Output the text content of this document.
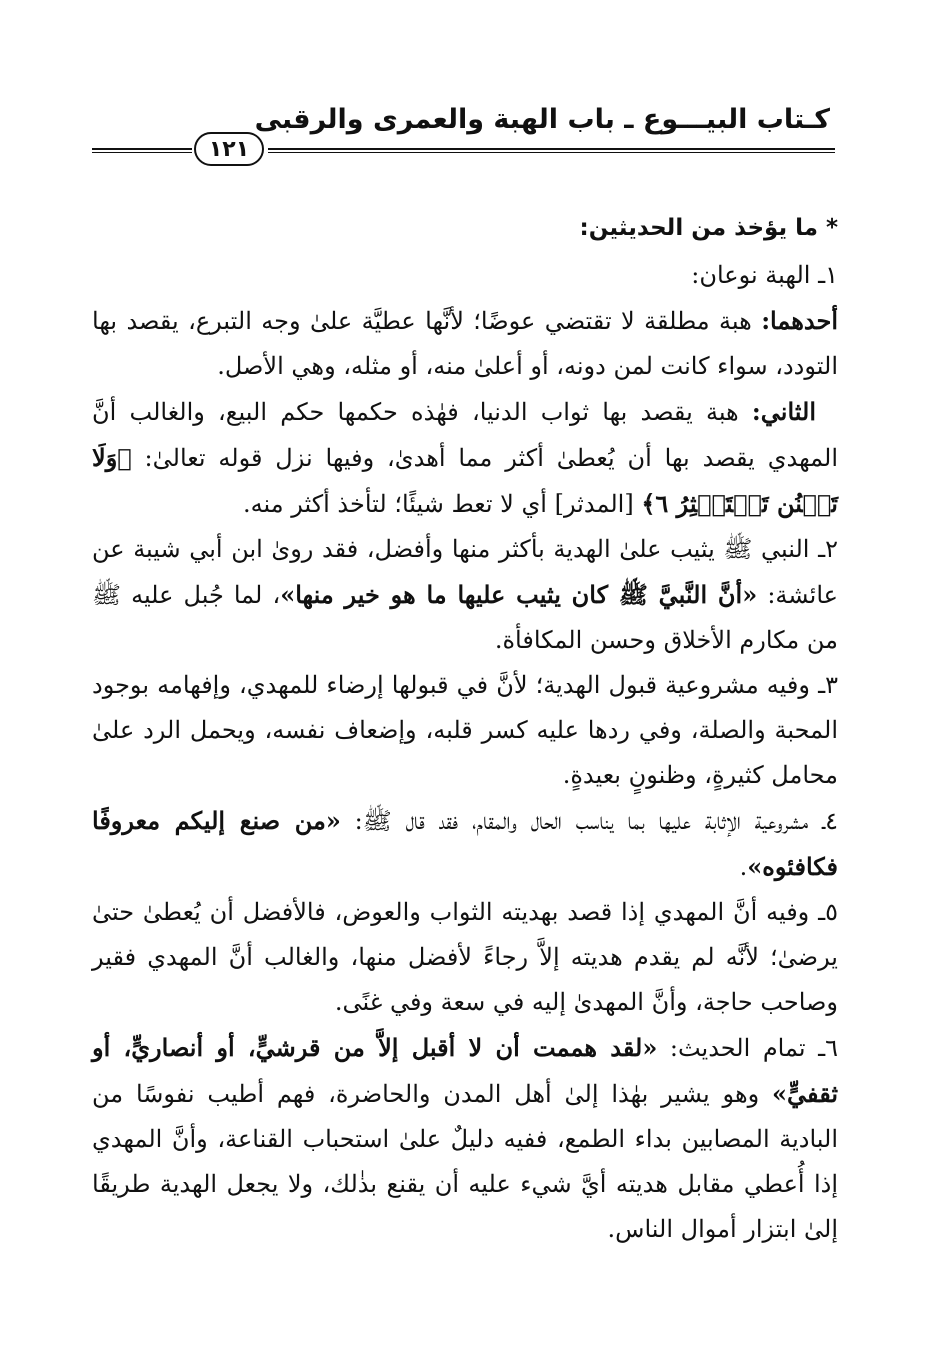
كـتاب البيـــوع ـ باب الهبة والعمرى والرقبى
١٢١

* ما يؤخذ من الحديثين:

١ـ الهبة نوعان:

أحدهما: هبة مطلقة لا تقتضي عوضًا؛ لأنَّها عطيَّة علىٰ وجه التبرع، يقصد بها التودد، سواء كانت لمن دونه، أو أعلىٰ منه، أو مثله، وهي الأصل.

الثاني: هبة يقصد بها ثواب الدنيا، فهٰذه حكمها حكم البيع، والغالب أنَّ المهدي يقصد بها أن يُعطىٰ أكثر مما أهدىٰ، وفيها نزل قوله تعالىٰ: ﴿وَلَا تَمۡنُن تَسۡتَكۡثِرُ ٦﴾ [المدثر] أي لا تعط شيئًا؛ لتأخذ أكثر منه.

٢ـ النبي ﷺ يثيب علىٰ الهدية بأكثر منها وأفضل، فقد روىٰ ابن أبي شيبة عن عائشة: «أنَّ النَّبيَّ ﷺ كان يثيب عليها ما هو خير منها»، لما جُبل عليه ﷺ من مكارم الأخلاق وحسن المكافأة.

٣ـ وفيه مشروعية قبول الهدية؛ لأنَّ في قبولها إرضاء للمهدي، وإفهامه بوجود المحبة والصلة، وفي ردها عليه كسر قلبه، وإضعاف نفسه، ويحمل الرد علىٰ محامل كثيرةٍ، وظنونٍ بعيدةٍ.

٤ـ مشروعية الإثابة عليها بما يناسب الحال والمقام، فقد قال ﷺ: «من صنع إليكم معروفًا فكافئوه».

٥ـ وفيه أنَّ المهدي إذا قصد بهديته الثواب والعوض، فالأفضل أن يُعطىٰ حتىٰ يرضىٰ؛ لأنَّه لم يقدم هديته إلاَّ رجاءً لأفضل منها، والغالب أنَّ المهدي فقير وصاحب حاجة، وأنَّ المهدىٰ إليه في سعة وفي غنًى.

٦ـ تمام الحديث: «لقد هممت أن لا أقبل إلاَّ من قرشيٍّ، أو أنصاريٍّ، أو ثقفيٍّ» وهو يشير بهٰذا إلىٰ أهل المدن والحاضرة، فهم أطيب نفوسًا من البادية المصابين بداء الطمع، ففيه دليلٌ علىٰ استحباب القناعة، وأنَّ المهدي إذا أُعطي مقابل هديته أيَّ شيء عليه أن يقنع بذٰلك، ولا يجعل الهدية طريقًا إلىٰ ابتزار أموال الناس.
